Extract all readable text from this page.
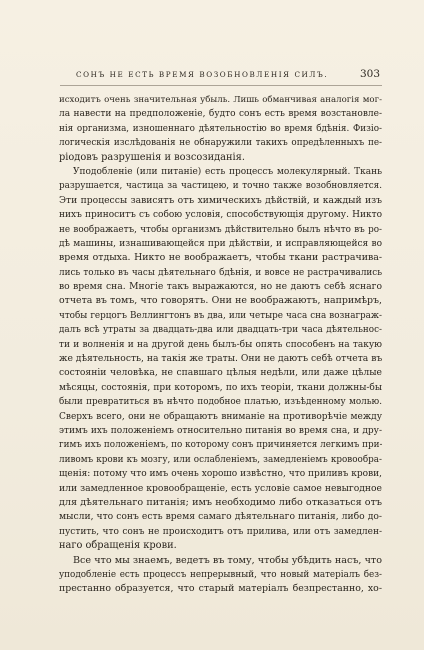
СОНЪ НЕ ЕСТЬ ВРЕМЯ ВОЗОБНОВЛЕНІЯ СИЛЪ.	303
исходитъ очень значительная убыль. Лишь обманчивая аналогія мог-
ла навести на предположеніе, будто сонъ есть время возстановле-
нія организма, изношеннаго дѣятельностію во время бдѣнія. Физіо-
логическія изслѣдованія не обнаружили такихъ опредѣленныхъ пе-
ріодовъ разрушенія и возсозиданія.
Уподобленіе (или питаніе) есть процессъ молекулярный. Ткань
разрушается, частица за частицею, и точно также возобновляется.
Эти процессы зависятъ отъ химическихъ дѣйствій, и каждый изъ
нихъ приноситъ съ собою условія, способствующія другому. Никто
не воображаетъ, чтобы организмъ дѣйствительно былъ нѣчто въ ро-
дѣ машины, изнашивающейся при дѣйствіи, и исправляющейся во
время отдыха. Никто не воображаетъ, чтобы ткани растрачива-
лись только въ часы дѣятельнаго бдѣнія, и вовсе не растрачивались
во время сна. Многіе такъ выражаются, но не даютъ себѣ яснаго
отчета въ томъ, что говорятъ. Они не воображаютъ, напримѣръ,
чтобы герцогъ Веллингтонъ въ два, или четыре часа сна вознаграж-
далъ всѣ утраты за двадцать-два или двадцать-три часа дѣятельнос-
ти и волненія и на другой день былъ-бы опять способенъ на такую
же дѣятельность, на такія же траты. Они не даютъ себѣ отчета въ
состояніи человѣка, не спавшаго цѣлыя недѣли, или даже цѣлые
мѣсяцы, состоянія, при которомъ, по ихъ теоріи, ткани должны-бы
были превратиться въ нѣчто подобное платью, изъѣденному молью.
Сверхъ всего, они не обращаютъ вниманіе на противорѣчіе между
этимъ ихъ положеніемъ относительно питанія во время сна, и дру-
гимъ ихъ положеніемъ, по которому сонъ причиняется легкимъ при-
ливомъ крови къ мозгу, или ослабленіемъ, замедленіемъ кровообра-
щенія: потому что имъ очень хорошо извѣстно, что приливъ крови,
или замедленное кровообращеніе, есть условіе самое невыгодное
для дѣятельнаго питанія; имъ необходимо либо отказаться отъ
мысли, что сонъ есть время самаго дѣятельнаго питанія, либо до-
пустить, что сонъ не происходитъ отъ прилива, или отъ замедлен-
наго обращенія крови.
Все что мы знаемъ, ведетъ въ тому, чтобы убѣдить насъ, что
уподобленіе есть процессъ непрерывный, что новый матеріалъ без-
престанно образуется, что старый матеріалъ безпрестанно, хо-
